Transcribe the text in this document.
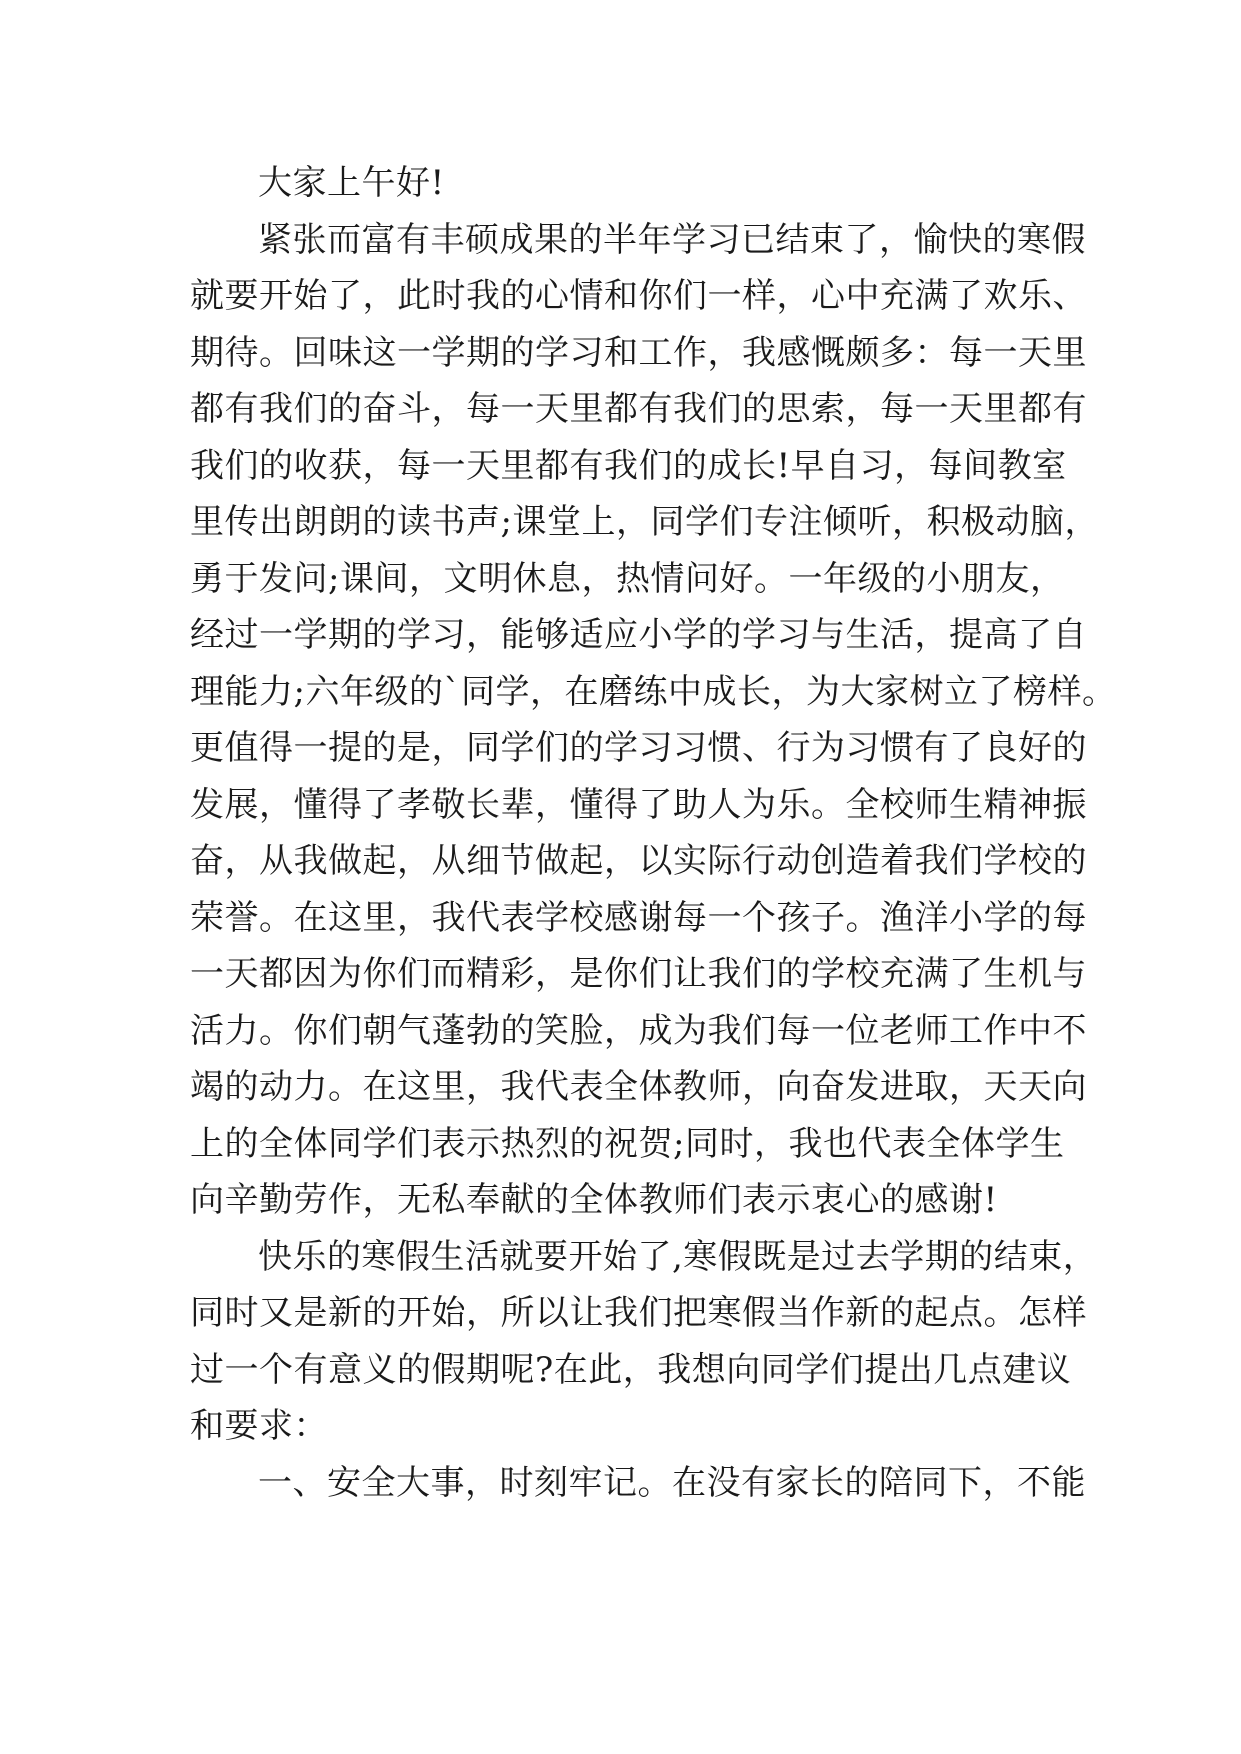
大家上午好!
紧张而富有丰硕成果的半年学习已结束了，愉快的寒假
就要开始了，此时我的心情和你们一样，心中充满了欢乐、
期待。回味这一学期的学习和工作，我感慨颇多：每一天里
都有我们的奋斗，每一天里都有我们的思索，每一天里都有
我们的收获，每一天里都有我们的成长!早自习，每间教室
里传出朗朗的读书声;课堂上，同学们专注倾听，积极动脑，
勇于发问;课间，文明休息，热情问好。一年级的小朋友，
经过一学期的学习，能够适应小学的学习与生活，提高了自
理能力;六年级的`同学，在磨练中成长，为大家树立了榜样。
更值得一提的是，同学们的学习习惯、行为习惯有了良好的
发展，懂得了孝敬长辈，懂得了助人为乐。全校师生精神振
奋，从我做起，从细节做起，以实际行动创造着我们学校的
荣誉。在这里，我代表学校感谢每一个孩子。渔洋小学的每
一天都因为你们而精彩，是你们让我们的学校充满了生机与
活力。你们朝气蓬勃的笑脸，成为我们每一位老师工作中不
竭的动力。在这里，我代表全体教师，向奋发进取，天天向
上的全体同学们表示热烈的祝贺;同时，我也代表全体学生
向辛勤劳作，无私奉献的全体教师们表示衷心的感谢!
快乐的寒假生活就要开始了,寒假既是过去学期的结束，
同时又是新的开始，所以让我们把寒假当作新的起点。怎样
过一个有意义的假期呢?在此，我想向同学们提出几点建议
和要求：
一、安全大事，时刻牢记。在没有家长的陪同下，不能
